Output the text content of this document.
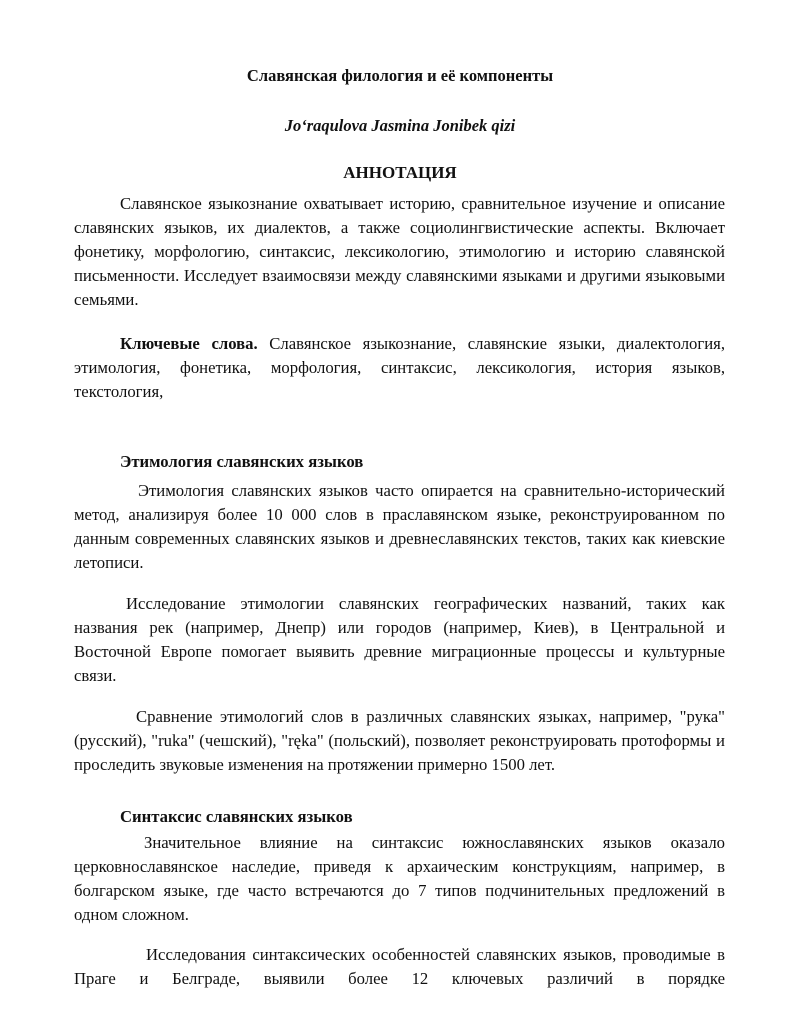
Славянская филология и её компоненты
Jo‘raqulova Jasmina Jonibek qizi
АННОТАЦИЯ

Славянское языкознание охватывает историю, сравнительное изучение и описание славянских языков, их диалектов, а также социолингвистические аспекты. Включает фонетику, морфологию, синтаксис, лексикологию, этимологию и историю славянской письменности. Исследует взаимосвязи между славянскими языками и другими языковыми семьями.

Ключевые слова. Славянское языкознание, славянские языки, диалектология, этимология, фонетика, морфология, синтаксис, лексикология, история языков, текстология,

Этимология славянских языков

Этимология славянских языков часто опирается на сравнительно-исторический метод, анализируя более 10 000 слов в праславянском языке, реконструированном по данным современных славянских языков и древнеславянских текстов, таких как киевские летописи.

Исследование этимологии славянских географических названий, таких как названия рек (например, Днепр) или городов (например, Киев), в Центральной и Восточной Европе помогает выявить древние миграционные процессы и культурные связи.

Сравнение этимологий слов в различных славянских языках, например, "рука" (русский), "ruka" (чешский), "ręka" (польский), позволяет реконструировать протоформы и проследить звуковые изменения на протяжении примерно 1500 лет.

Синтаксис славянских языков

Значительное влияние на синтаксис южнославянских языков оказало церковнославянское наследие, приведя к архаическим конструкциям, например, в болгарском языке, где часто встречаются до 7 типов подчинительных предложений в одном сложном.

Исследования синтаксических особенностей славянских языков, проводимые в Праге и Белграде, выявили более 12 ключевых различий в порядке
